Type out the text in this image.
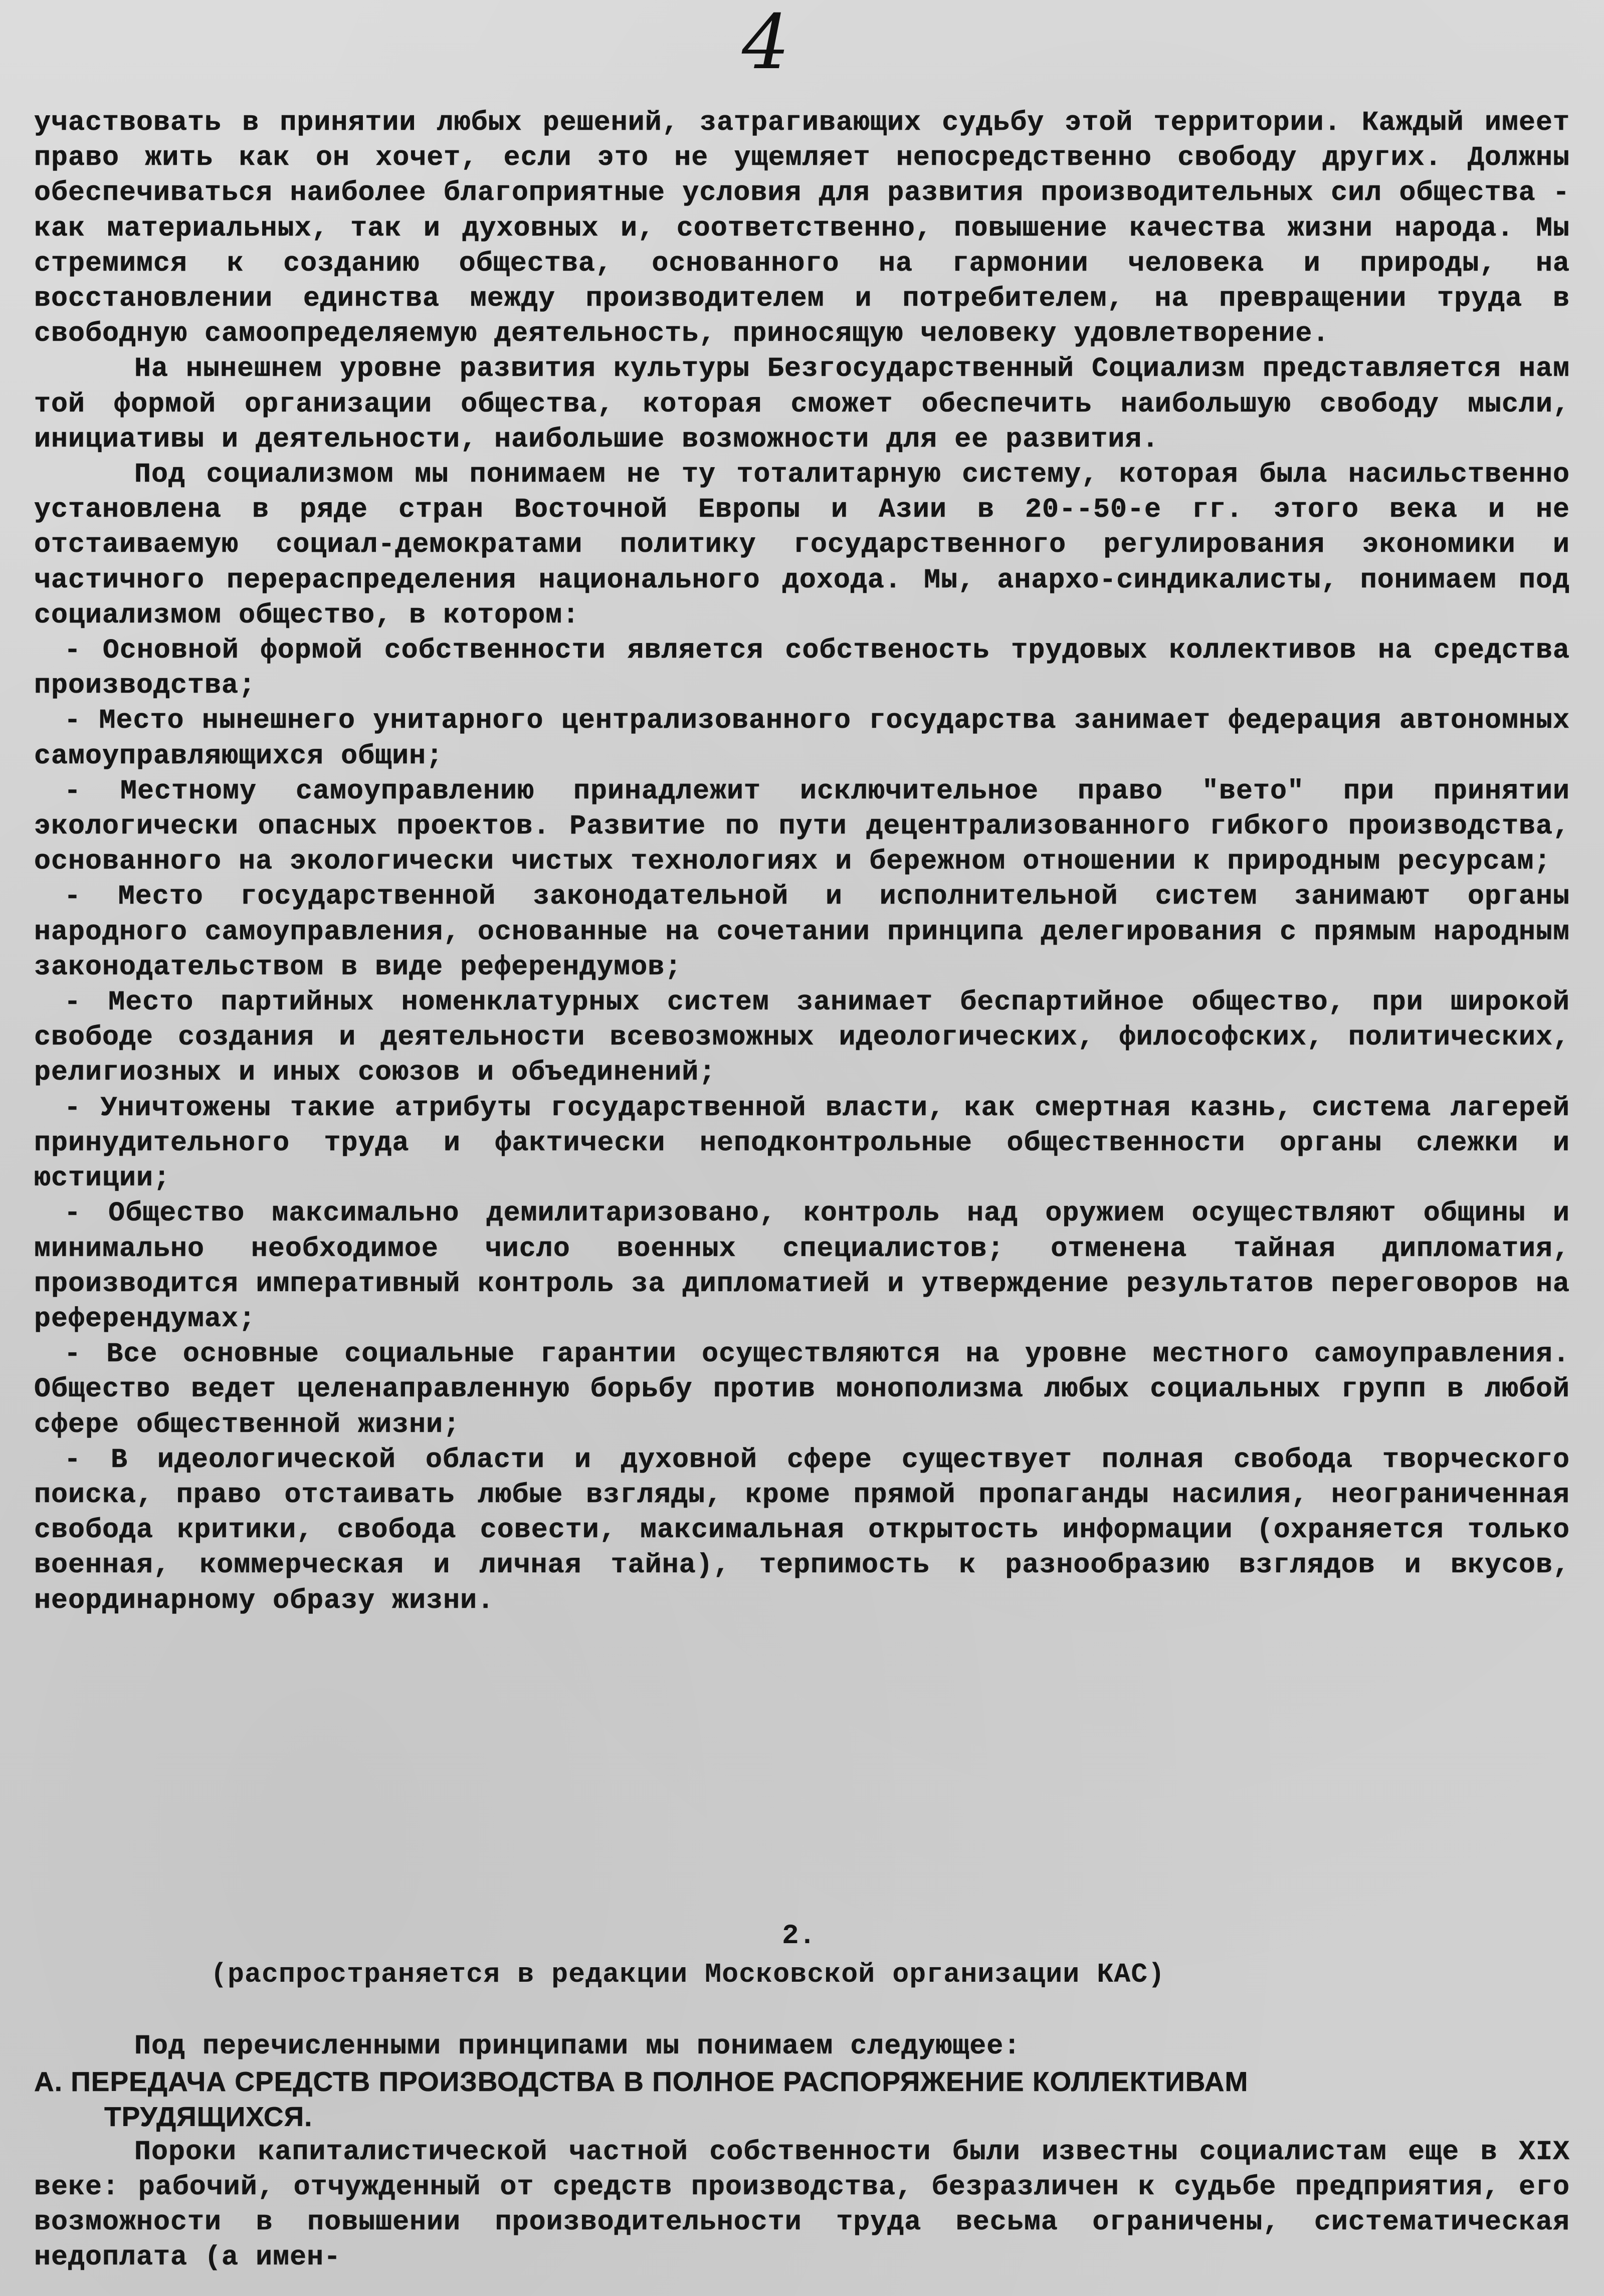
4

участвовать в принятии любых решений, затрагивающих судьбу этой территории. Каждый имеет право жить как он хочет, если это не ущемляет непосредственно свободу других. Должны обеспечиваться наиболее благоприятные условия для развития производительных сил общества - как материальных, так и духовных и, соответственно, повышение качества жизни народа. Мы стремимся к созданию общества, основанного на гармонии человека и природы, на восстановлении единства между производителем и потребителем, на превращении труда в свободную самоопределяемую деятельность, приносящую человеку удовлетворение.

На нынешнем уровне развития культуры Безгосударственный Социализм представляется нам той формой организации общества, которая сможет обеспечить наибольшую свободу мысли, инициативы и деятельности, наибольшие возможности для ее развития.

Под социализмом мы понимаем не ту тоталитарную систему, которая была насильственно установлена в ряде стран Восточной Европы и Азии в 20--50-е гг. этого века и не отстаиваемую социал-демократами политику государственного регулирования экономики и частичного перераспределения национального дохода. Мы, анархо-синдикалисты, понимаем под социализмом общество, в котором:

- Основной формой собственности является собственость трудовых коллективов на средства производства;

- Место нынешнего унитарного централизованного государства занимает федерация автономных самоуправляющихся общин;

- Местному самоуправлению принадлежит исключительное право "вето" при принятии экологически опасных проектов. Развитие по пути децентрализованного гибкого производства, основанного на экологически чистых технологиях и бережном отношении к природным ресурсам;

- Место государственной законодательной и исполнительной систем занимают органы народного самоуправления, основанные на сочетании принципа делегирования с прямым народным законодательством в виде референдумов;

- Место партийных номенклатурных систем занимает беспартийное общество, при широкой свободе создания и деятельности всевозможных идеологических, философских, политических, религиозных и иных союзов и объединений;

- Уничтожены такие атрибуты государственной власти, как смертная казнь, система лагерей принудительного труда и фактически неподконтрольные общественности органы слежки и юстиции;

- Общество максимально демилитаризовано, контроль над оружием осуществляют общины и минимально необходимое число военных специалистов; отменена тайная дипломатия, производится императивный контроль за дипломатией и утверждение результатов переговоров на референдумах;

- Все основные социальные гарантии осуществляются на уровне местного самоуправления. Общество ведет целенаправленную борьбу против монополизма любых социальных групп в любой сфере общественной жизни;

- В идеологической области и духовной сфере существует полная свобода творческого поиска, право отстаивать любые взгляды, кроме прямой пропаганды насилия, неограниченная свобода критики, свобода совести, максимальная открытость информации (охраняется только военная, коммерческая и личная тайна), терпимость к разнообразию взглядов и вкусов, неординарному образу жизни.

2.
(распространяется в редакции Московской организации КАС)

Под перечисленными принципами мы понимаем следующее:

А. ПЕРЕДАЧА СРЕДСТВ ПРОИЗВОДСТВА В ПОЛНОЕ РАСПОРЯЖЕНИЕ КОЛЛЕКТИВАМ
ТРУДЯЩИХСЯ.

Пороки капиталистической частной собственности были известны социалистам еще в XIX веке: рабочий, отчужденный от средств производства, безразличен к судьбе предприятия, его возможности в повышении производительности труда весьма ограничены, систематическая недоплата (а имен-
